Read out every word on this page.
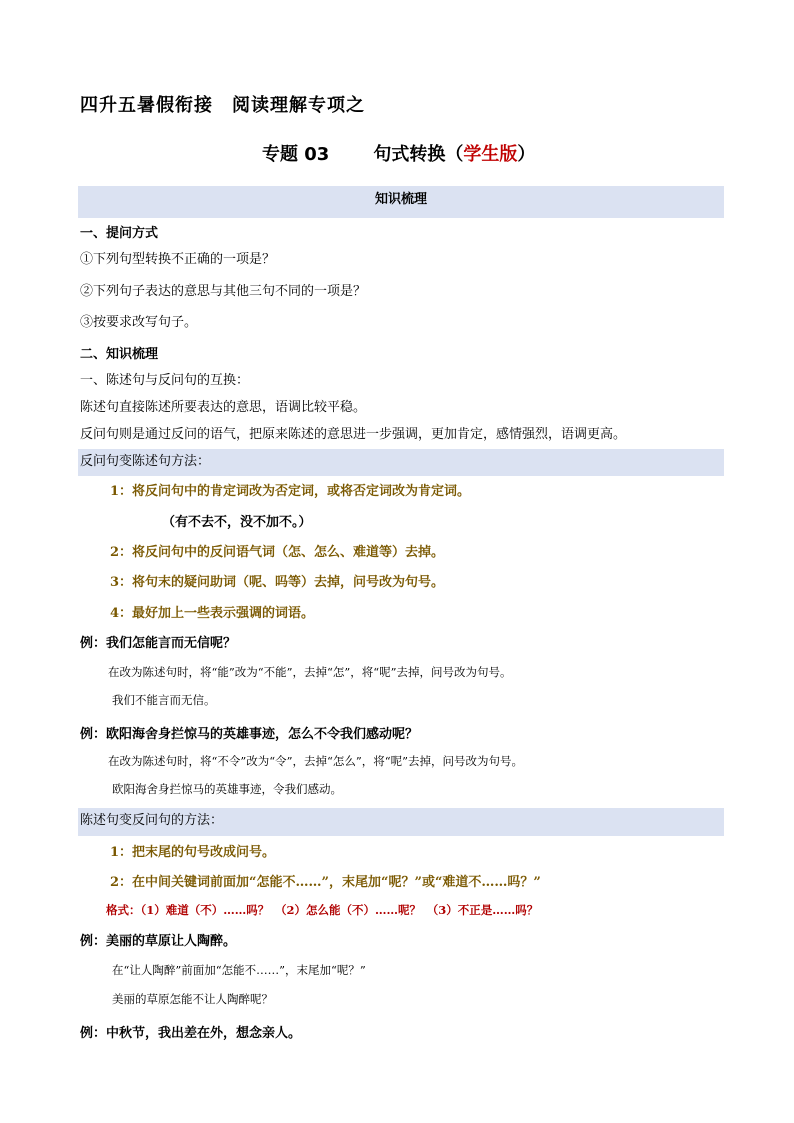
四升五暑假衔接　阅读理解专项之
专题 03 句式转换（学生版）
知识梳理
一、提问方式
①下列句型转换不正确的一项是？
②下列句子表达的意思与其他三句不同的一项是？
③按要求改写句子。
二、知识梳理
一、陈述句与反问句的互换：
陈述句直接陈述所要表达的意思，语调比较平稳。
反问句则是通过反问的语气，把原来陈述的意思进一步强调，更加肯定，感情强烈，语调更高。
反问句变陈述句方法：
1：将反问句中的肯定词改为否定词，或将否定词改为肯定词。
（有不去不，没不加不。）
2：将反问句中的反问语气词（怎、怎么、难道等）去掉。
3：将句末的疑问助词（呢、吗等）去掉，问号改为句号。
4：最好加上一些表示强调的词语。
例：我们怎能言而无信呢？
在改为陈述句时，将“能”改为“不能”，去掉“怎”，将“呢”去掉，问号改为句号。
我们不能言而无信。
例：欧阳海舍身拦惊马的英雄事迹，怎么不令我们感动呢？
在改为陈述句时，将“不令”改为“令”，去掉“怎么”，将“呢”去掉，问号改为句号。
欧阳海舍身拦惊马的英雄事迹，令我们感动。
陈述句变反问句的方法：
1：把末尾的句号改成问号。
2：在中间关键词前面加“怎能不……”，末尾加“呢？”或“难道不……吗？”
格式：（1）难道（不）……吗？　（2）怎么能（不）……呢？　（3）不正是……吗？
例：美丽的草原让人陶醉。
在“让人陶醉”前面加“怎能不……”，末尾加“呢？”
美丽的草原怎能不让人陶醉呢？
例：中秋节，我出差在外，想念亲人。
